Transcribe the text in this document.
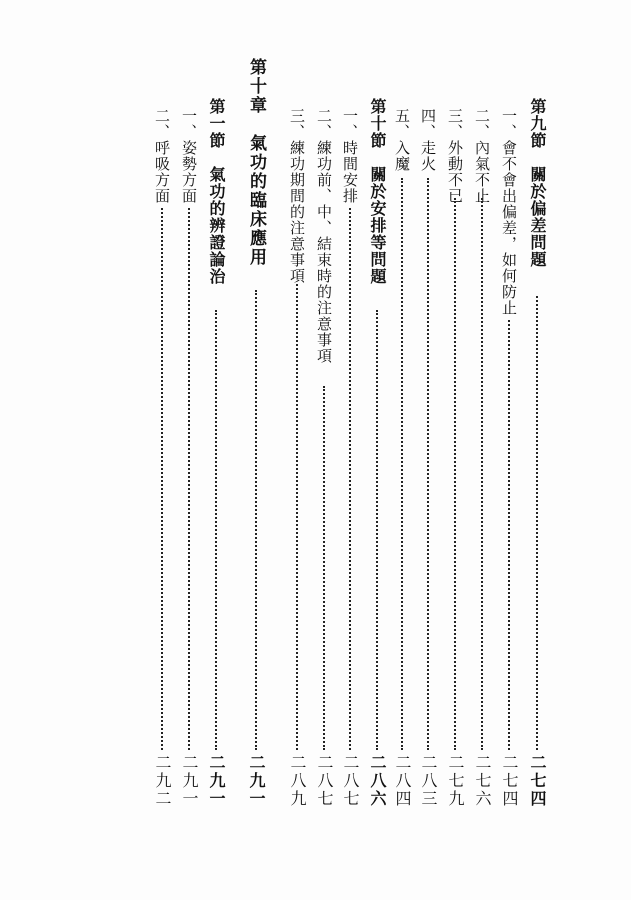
第九節　關於偏差問題
二七四
一、會不會出偏差，如何防止
二七四
二、內氣不止
二七六
三、外動不已
二七九
四、走火
二八三
五、入魔
二八四
第十節　關於安排等問題
二八六
一、時間安排
二八七
二、練功前、中、結束時的注意事項
二八七
三、練功期間的注意事項
二八九
第十章　氣功的臨床應用
二九一
第一節　氣功的辨證論治
二九一
一、姿勢方面
二九一
二、呼吸方面
二九二
